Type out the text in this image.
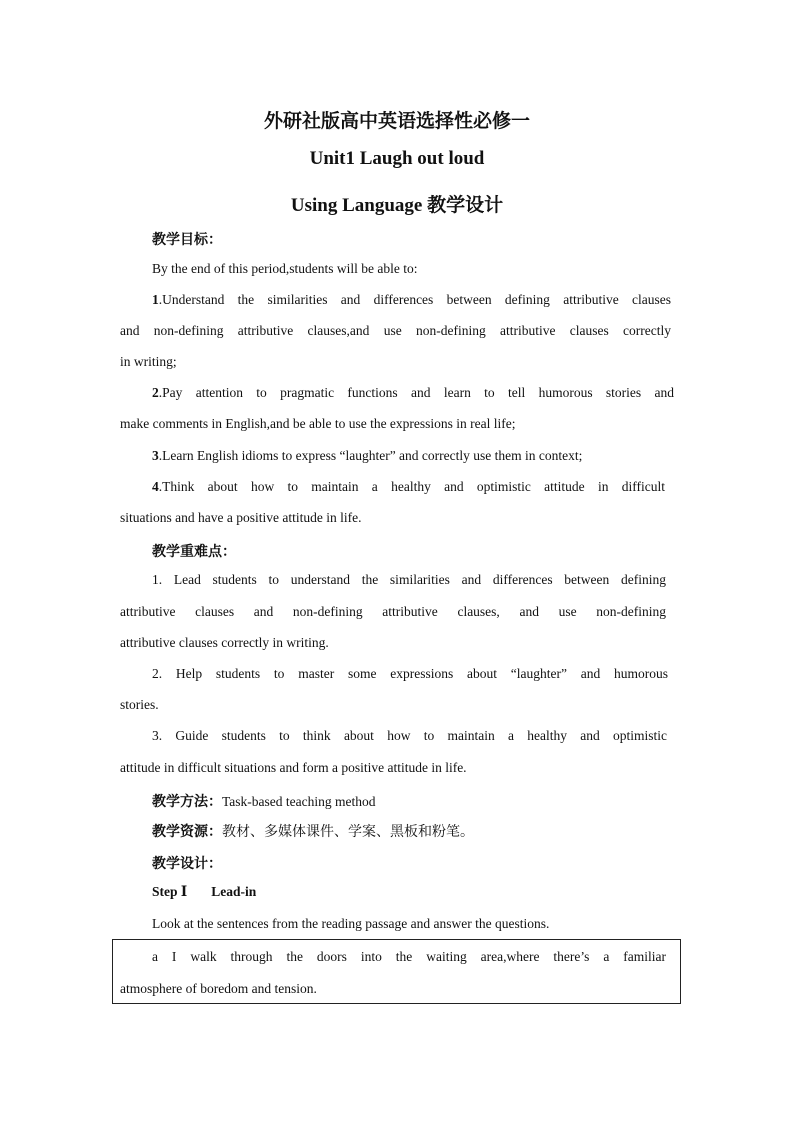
外研社版高中英语选择性必修一
Unit1 Laugh out loud
Using Language 教学设计
教学目标：
By the end of this period,students will be able to:
1.Understand the similarities and differences between defining attributive clauses
and non-defining attributive clauses,and use non-defining attributive clauses correctly
in writing;
2.Pay attention to pragmatic functions and learn to tell humorous stories and
make comments in English,and be able to use the expressions in real life;
3.Learn English idioms to express “laughter” and correctly use them in context;
4.Think about how to maintain a healthy and optimistic attitude in difficult
situations and have a positive attitude in life.
教学重难点：
1. Lead students to understand the similarities and differences between defining
attributive clauses and non-defining attributive clauses, and use non-defining
attributive clauses correctly in writing.
2. Help students to master some expressions about “laughter” and humorous
stories.
3. Guide students to think about how to maintain a healthy and optimistic
attitude in difficult situations and form a positive attitude in life.
教学方法：Task-based teaching method
教学资源：教材、多媒体课件、学案、黑板和粉笔。
教学设计：
Step Ⅰ Lead-in
Look at the sentences from the reading passage and answer the questions.
a I walk through the doors into the waiting area,where there’s a familiar
atmosphere of boredom and tension.
